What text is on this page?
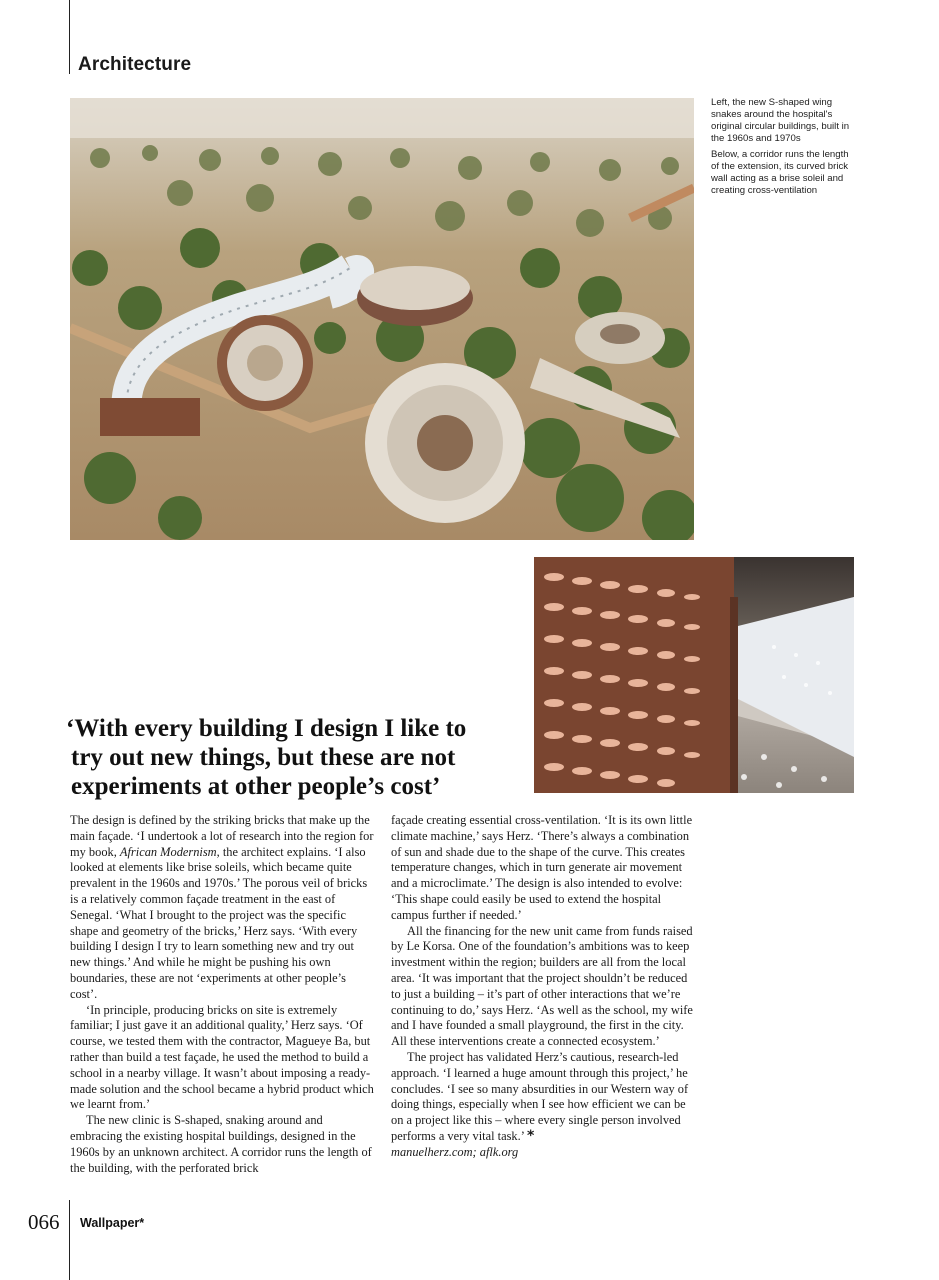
Architecture
Left, the new S-shaped wing snakes around the hospital's original circular buildings, built in the 1960s and 1970s
Below, a corridor runs the length of the extension, its curved brick wall acting as a brise soleil and creating cross-ventilation
‘With every building I design I like to
try out new things, but these are not
experiments at other people’s cost’

The design is defined by the striking bricks that make up the main façade. ‘I undertook a lot of research into the region for my book, African Modernism, the architect explains. ‘I also looked at elements like brise soleils, which became quite prevalent in the 1960s and 1970s.’ The porous veil of bricks is a relatively common façade treatment in the east of Senegal. ‘What I brought to the project was the specific shape and geometry of the bricks,’ Herz says. ‘With every building I design I try to learn something new and try out new things.’ And while he might be pushing his own boundaries, these are not ‘experiments at other people’s cost’.

‘In principle, producing bricks on site is extremely familiar; I just gave it an additional quality,’ Herz says. ‘Of course, we tested them with the contractor, Magueye Ba, but rather than build a test façade, he used the method to build a school in a nearby village. It wasn’t about imposing a ready-made solution and the school became a hybrid product which we learnt from.’

The new clinic is S-shaped, snaking around and embracing the existing hospital buildings, designed in the 1960s by an unknown architect. A corridor runs the length of the building, with the perforated brick

façade creating essential cross-ventilation. ‘It is its own little climate machine,’ says Herz. ‘There’s always a combination of sun and shade due to the shape of the curve. This creates temperature changes, which in turn generate air movement and a microclimate.’ The design is also intended to evolve: ‘This shape could easily be used to extend the hospital campus further if needed.’

All the financing for the new unit came from funds raised by Le Korsa. One of the foundation’s ambitions was to keep investment within the region; builders are all from the local area. ‘It was important that the project shouldn’t be reduced to just a building – it’s part of other interactions that we’re continuing to do,’ says Herz. ‘As well as the school, my wife and I have founded a small playground, the first in the city. All these interventions create a connected ecosystem.’

The project has validated Herz’s cautious, research-led approach. ‘I learned a huge amount through this project,’ he concludes. ‘I see so many absurdities in our Western way of doing things, especially when I see how efficient we can be on a project like this – where every single person involved performs a very vital task.’ *

manuelherz.com; aflk.org

066 Wallpaper*
